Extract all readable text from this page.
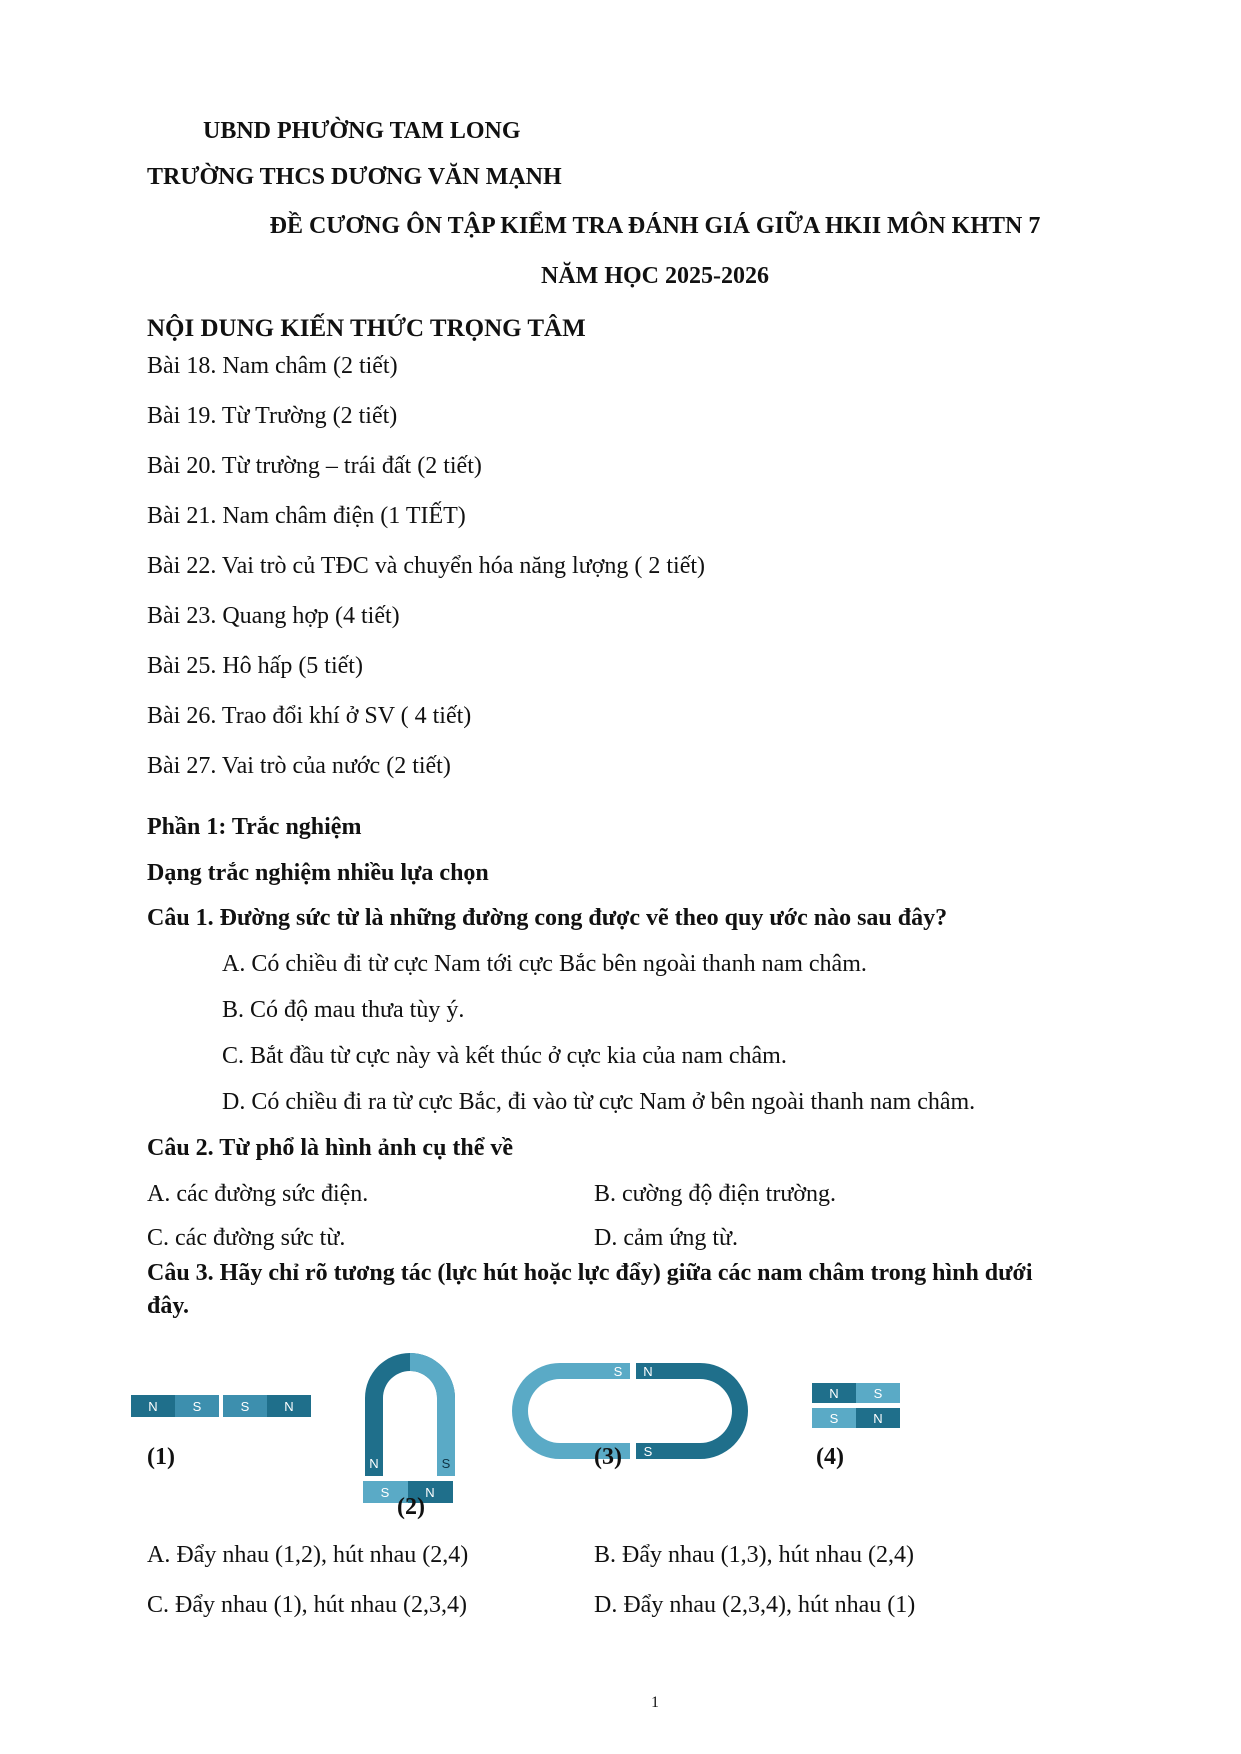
UBND PHƯỜNG TAM LONG
TRƯỜNG THCS DƯƠNG VĂN MẠNH
ĐỀ CƯƠNG ÔN TẬP KIỂM TRA ĐÁNH GIÁ GIỮA HKII MÔN KHTN 7
NĂM HỌC 2025-2026
NỘI DUNG KIẾN THỨC TRỌNG TÂM
Bài 18. Nam châm (2 tiết)
Bài 19. Từ Trường (2 tiết)
Bài 20. Từ trường – trái đất (2 tiết)
Bài 21. Nam châm điện (1 TIẾT)
Bài 22. Vai trò củ TĐC và chuyển hóa năng lượng ( 2 tiết)
Bài 23. Quang hợp (4 tiết)
Bài 25. Hô hấp (5 tiết)
Bài 26. Trao đổi khí ở SV ( 4 tiết)
Bài 27. Vai trò của nước (2 tiết)
Phần 1: Trắc nghiệm
Dạng trắc nghiệm nhiều lựa chọn
Câu 1. Đường sức từ là những đường cong được vẽ theo quy ước nào sau đây?
A. Có chiều đi từ cực Nam tới cực Bắc bên ngoài thanh nam châm.
B. Có độ mau thưa tùy ý.
C. Bắt đầu từ cực này và kết thúc ở cực kia của nam châm.
D. Có chiều đi ra từ cực Bắc, đi vào từ cực Nam ở bên ngoài thanh nam châm.
Câu 2. Từ phổ là hình ảnh cụ thể về
A. các đường sức điện.	B. cường độ điện trường.
C. các đường sức từ.	D. cảm ứng từ.
Câu 3. Hãy chỉ rõ tương tác (lực hút hoặc lực đẩy) giữa các nam châm trong hình dưới
đây.
N	S	S	N
N	S
S	N
S N
S
N	S
S	N
(1)
(2)
(3)	(4)
A. Đẩy nhau (1,2), hút nhau (2,4)	B. Đẩy nhau (1,3), hút nhau (2,4)
C. Đẩy nhau (1), hút nhau (2,3,4)	D. Đẩy nhau (2,3,4), hút nhau (1)
1
